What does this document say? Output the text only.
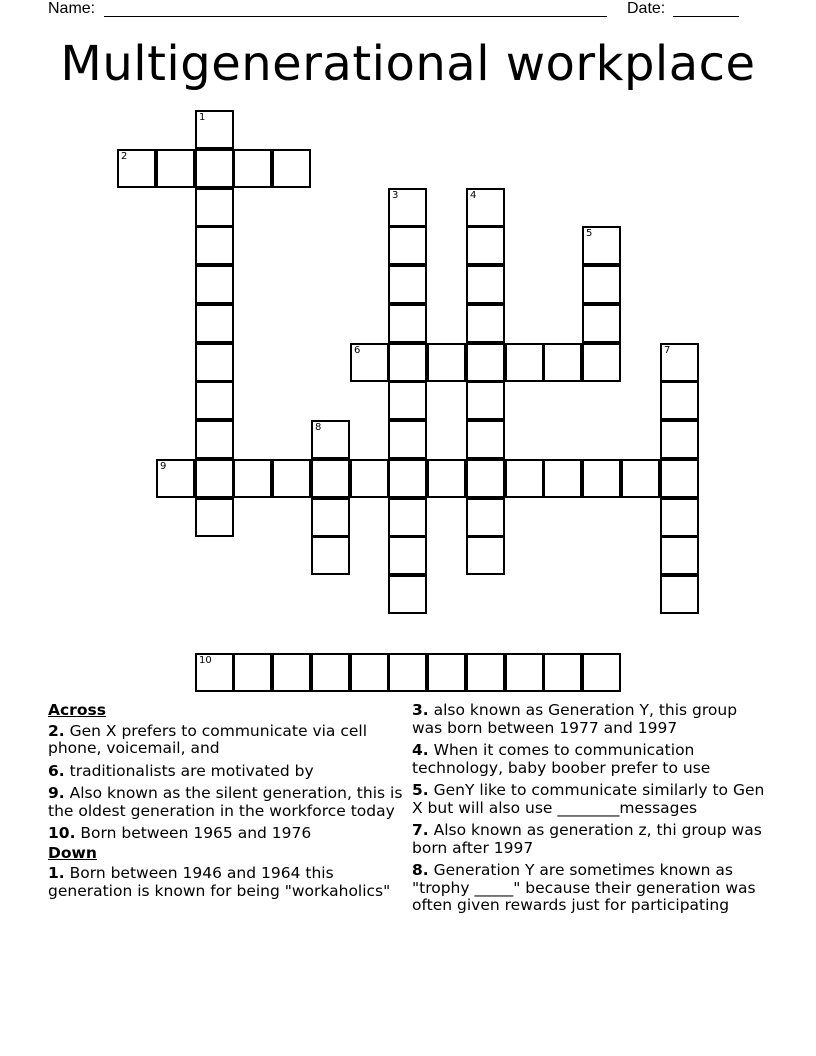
Name:	Date:
Multigenerational workplace
1
2
3	4
5
6	7
8
9
10
Across
2. Gen X prefers to communicate via cell phone, voicemail, and
6. traditionalists are motivated by
9. Also known as the silent generation, this is the oldest generation in the workforce today
10. Born between 1965 and 1976
Down
1. Born between 1946 and 1964 this generation is known for being "workaholics"
3. also known as Generation Y, this group was born between 1977 and 1997
4. When it comes to communication technology, baby boober prefer to use
5. GenY like to communicate similarly to Gen X but will also use ________messages
7. Also known as generation z, thi group was born after 1997
8. Generation Y are sometimes known as "trophy _____" because their generation was often given rewards just for participating
